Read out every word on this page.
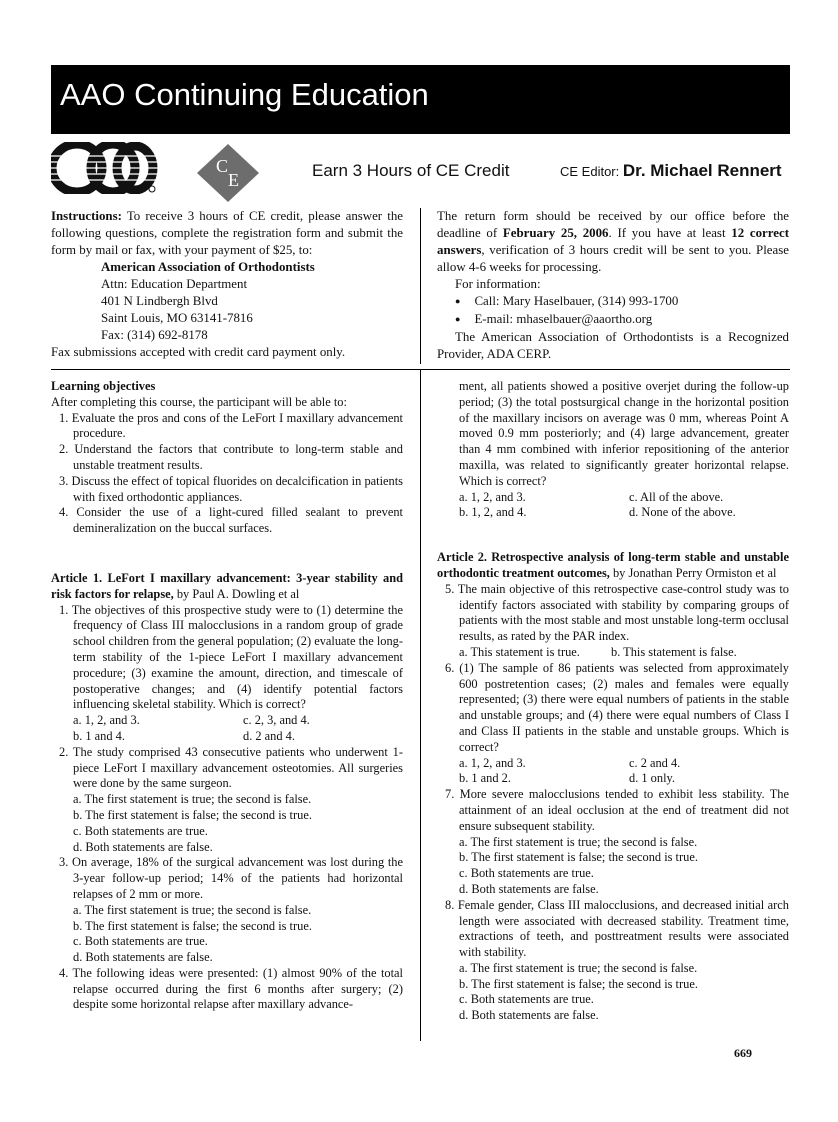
AAO Continuing Education
C
E	Earn 3 Hours of CE Credit	CE Editor: Dr. Michael Rennert

Instructions: To receive 3 hours of CE credit, please answer the following questions, complete the registration form and submit the form by mail or fax, with your payment of $25, to:

American Association of Orthodontists

Attn: Education Department

401 N Lindbergh Blvd

Saint Louis, MO 63141-7816

Fax: (314) 692-8178

Fax submissions accepted with credit card payment only.

The return form should be received by our office before the deadline of February 25, 2006. If you have at least 12 correct answers, verification of 3 hours credit will be sent to you. Please allow 4-6 weeks for processing.

For information:

● Call: Mary Haselbauer, (314) 993-1700

● E-mail: mhaselbauer@aaortho.org

The American Association of Orthodontists is a Recognized Provider, ADA CERP.

Learning objectives

After completing this course, the participant will be able to:

1. Evaluate the pros and cons of the LeFort I maxillary advancement procedure.

2. Understand the factors that contribute to long-term stable and unstable treatment results.

3. Discuss the effect of topical fluorides on decalcification in patients with fixed orthodontic appliances.

4. Consider the use of a light-cured filled sealant to prevent demineralization on the buccal surfaces.

Article 1. LeFort I maxillary advancement: 3-year stability and risk factors for relapse, by Paul A. Dowling et al

1. The objectives of this prospective study were to (1) determine the frequency of Class III malocclusions in a random group of grade school children from the general population; (2) evaluate the long-term stability of the 1-piece LeFort I maxillary advancement procedure; (3) examine the amount, direction, and timescale of postoperative changes; and (4) identify potential factors influencing skeletal stability. Which is correct?

a. 1, 2, and 3.	c. 2, 3, and 4.
b. 1 and 4.	d. 2 and 4.

2. The study comprised 43 consecutive patients who underwent 1-piece LeFort I maxillary advancement osteotomies. All surgeries were done by the same surgeon.

a. The first statement is true; the second is false.

b. The first statement is false; the second is true.

c. Both statements are true.

d. Both statements are false.

3. On average, 18% of the surgical advancement was lost during the 3-year follow-up period; 14% of the patients had horizontal relapses of 2 mm or more.

a. The first statement is true; the second is false.

b. The first statement is false; the second is true.

c. Both statements are true.

d. Both statements are false.

4. The following ideas were presented: (1) almost 90% of the total relapse occurred during the first 6 months after surgery; (2) despite some horizontal relapse after maxillary advance-

ment, all patients showed a positive overjet during the follow-up period; (3) the total postsurgical change in the horizontal position of the maxillary incisors on average was 0 mm, whereas Point A moved 0.9 mm posteriorly; and (4) large advancement, greater than 4 mm combined with inferior repositioning of the anterior maxilla, was related to significantly greater horizontal relapse. Which is correct?

a. 1, 2, and 3.	c. All of the above.
b. 1, 2, and 4.	d. None of the above.

Article 2. Retrospective analysis of long-term stable and unstable orthodontic treatment outcomes, by Jonathan Perry Ormiston et al

5. The main objective of this retrospective case-control study was to identify factors associated with stability by comparing groups of patients with the most stable and most unstable long-term occlusal results, as rated by the PAR index.

a. This statement is true.	b. This statement is false.

6. (1) The sample of 86 patients was selected from approximately 600 postretention cases; (2) males and females were equally represented; (3) there were equal numbers of patients in the stable and unstable groups; and (4) there were equal numbers of Class I and Class II patients in the stable and unstable groups. Which is correct?

a. 1, 2, and 3.	c. 2 and 4.
b. 1 and 2.	d. 1 only.

7. More severe malocclusions tended to exhibit less stability. The attainment of an ideal occlusion at the end of treatment did not ensure subsequent stability.

a. The first statement is true; the second is false.

b. The first statement is false; the second is true.

c. Both statements are true.

d. Both statements are false.

8. Female gender, Class III malocclusions, and decreased initial arch length were associated with decreased stability. Treatment time, extractions of teeth, and posttreatment results were associated with stability.

a. The first statement is true; the second is false.

b. The first statement is false; the second is true.

c. Both statements are true.

d. Both statements are false.

669
